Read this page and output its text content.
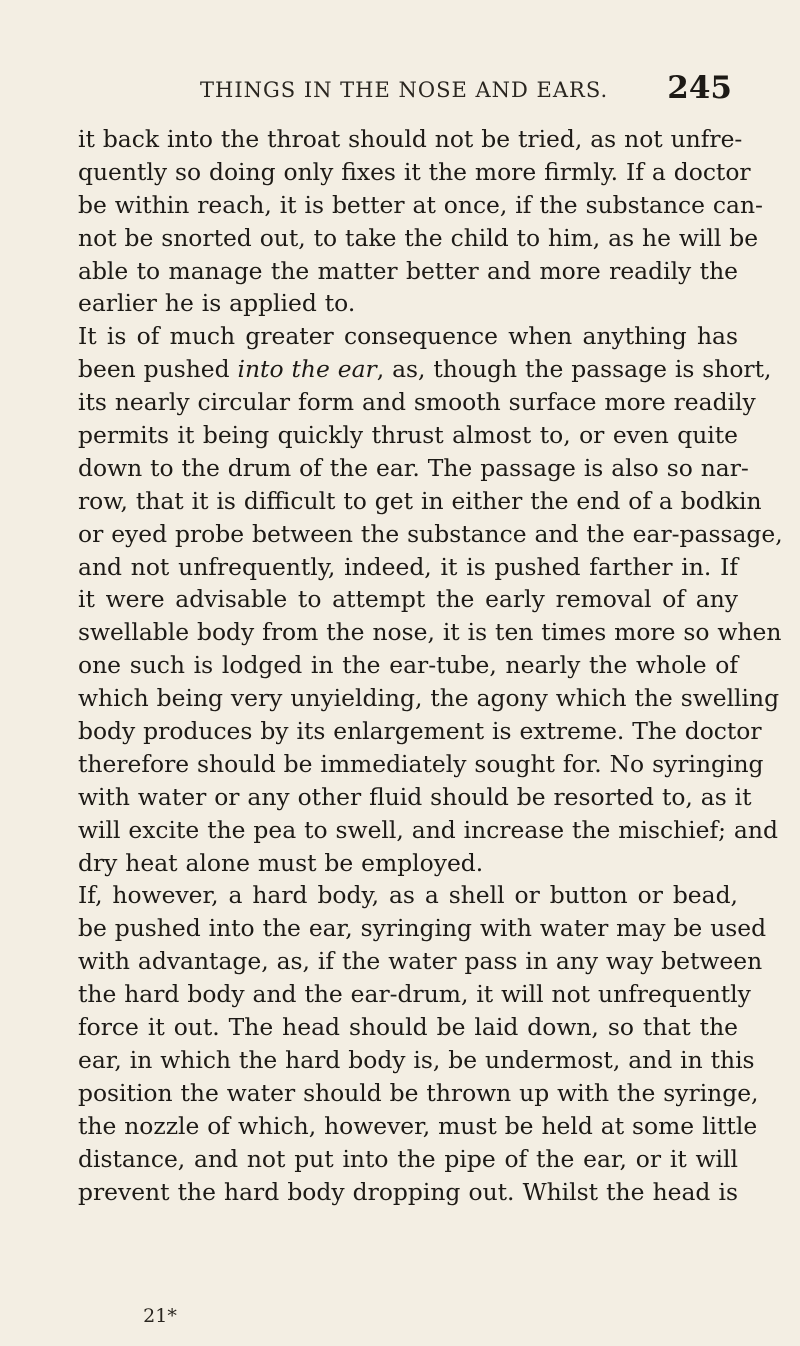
THINGS IN THE NOSE AND EARS. 245
it back into the throat should not be tried, as not unfre-
quently so doing only fixes it the more firmly. If a doctor
be within reach, it is better at once, if the substance can-
not be snorted out, to take the child to him, as he will be
able to manage the matter better and more readily the
earlier he is applied to.
It is of much greater consequence when anything has
been pushed into the ear, as, though the passage is short,
its nearly circular form and smooth surface more readily
permits it being quickly thrust almost to, or even quite
down to the drum of the ear. The passage is also so nar-
row, that it is difficult to get in either the end of a bodkin
or eyed probe between the substance and the ear-passage,
and not unfrequently, indeed, it is pushed farther in. If
it were advisable to attempt the early removal of any
swellable body from the nose, it is ten times more so when
one such is lodged in the ear-tube, nearly the whole of
which being very unyielding, the agony which the swelling
body produces by its enlargement is extreme. The doctor
therefore should be immediately sought for. No syringing
with water or any other fluid should be resorted to, as it
will excite the pea to swell, and increase the mischief; and
dry heat alone must be employed.
If, however, a hard body, as a shell or button or bead,
be pushed into the ear, syringing with water may be used
with advantage, as, if the water pass in any way between
the hard body and the ear-drum, it will not unfrequently
force it out. The head should be laid down, so that the
ear, in which the hard body is, be undermost, and in this
position the water should be thrown up with the syringe,
the nozzle of which, however, must be held at some little
distance, and not put into the pipe of the ear, or it will
prevent the hard body dropping out. Whilst the head is
21*
